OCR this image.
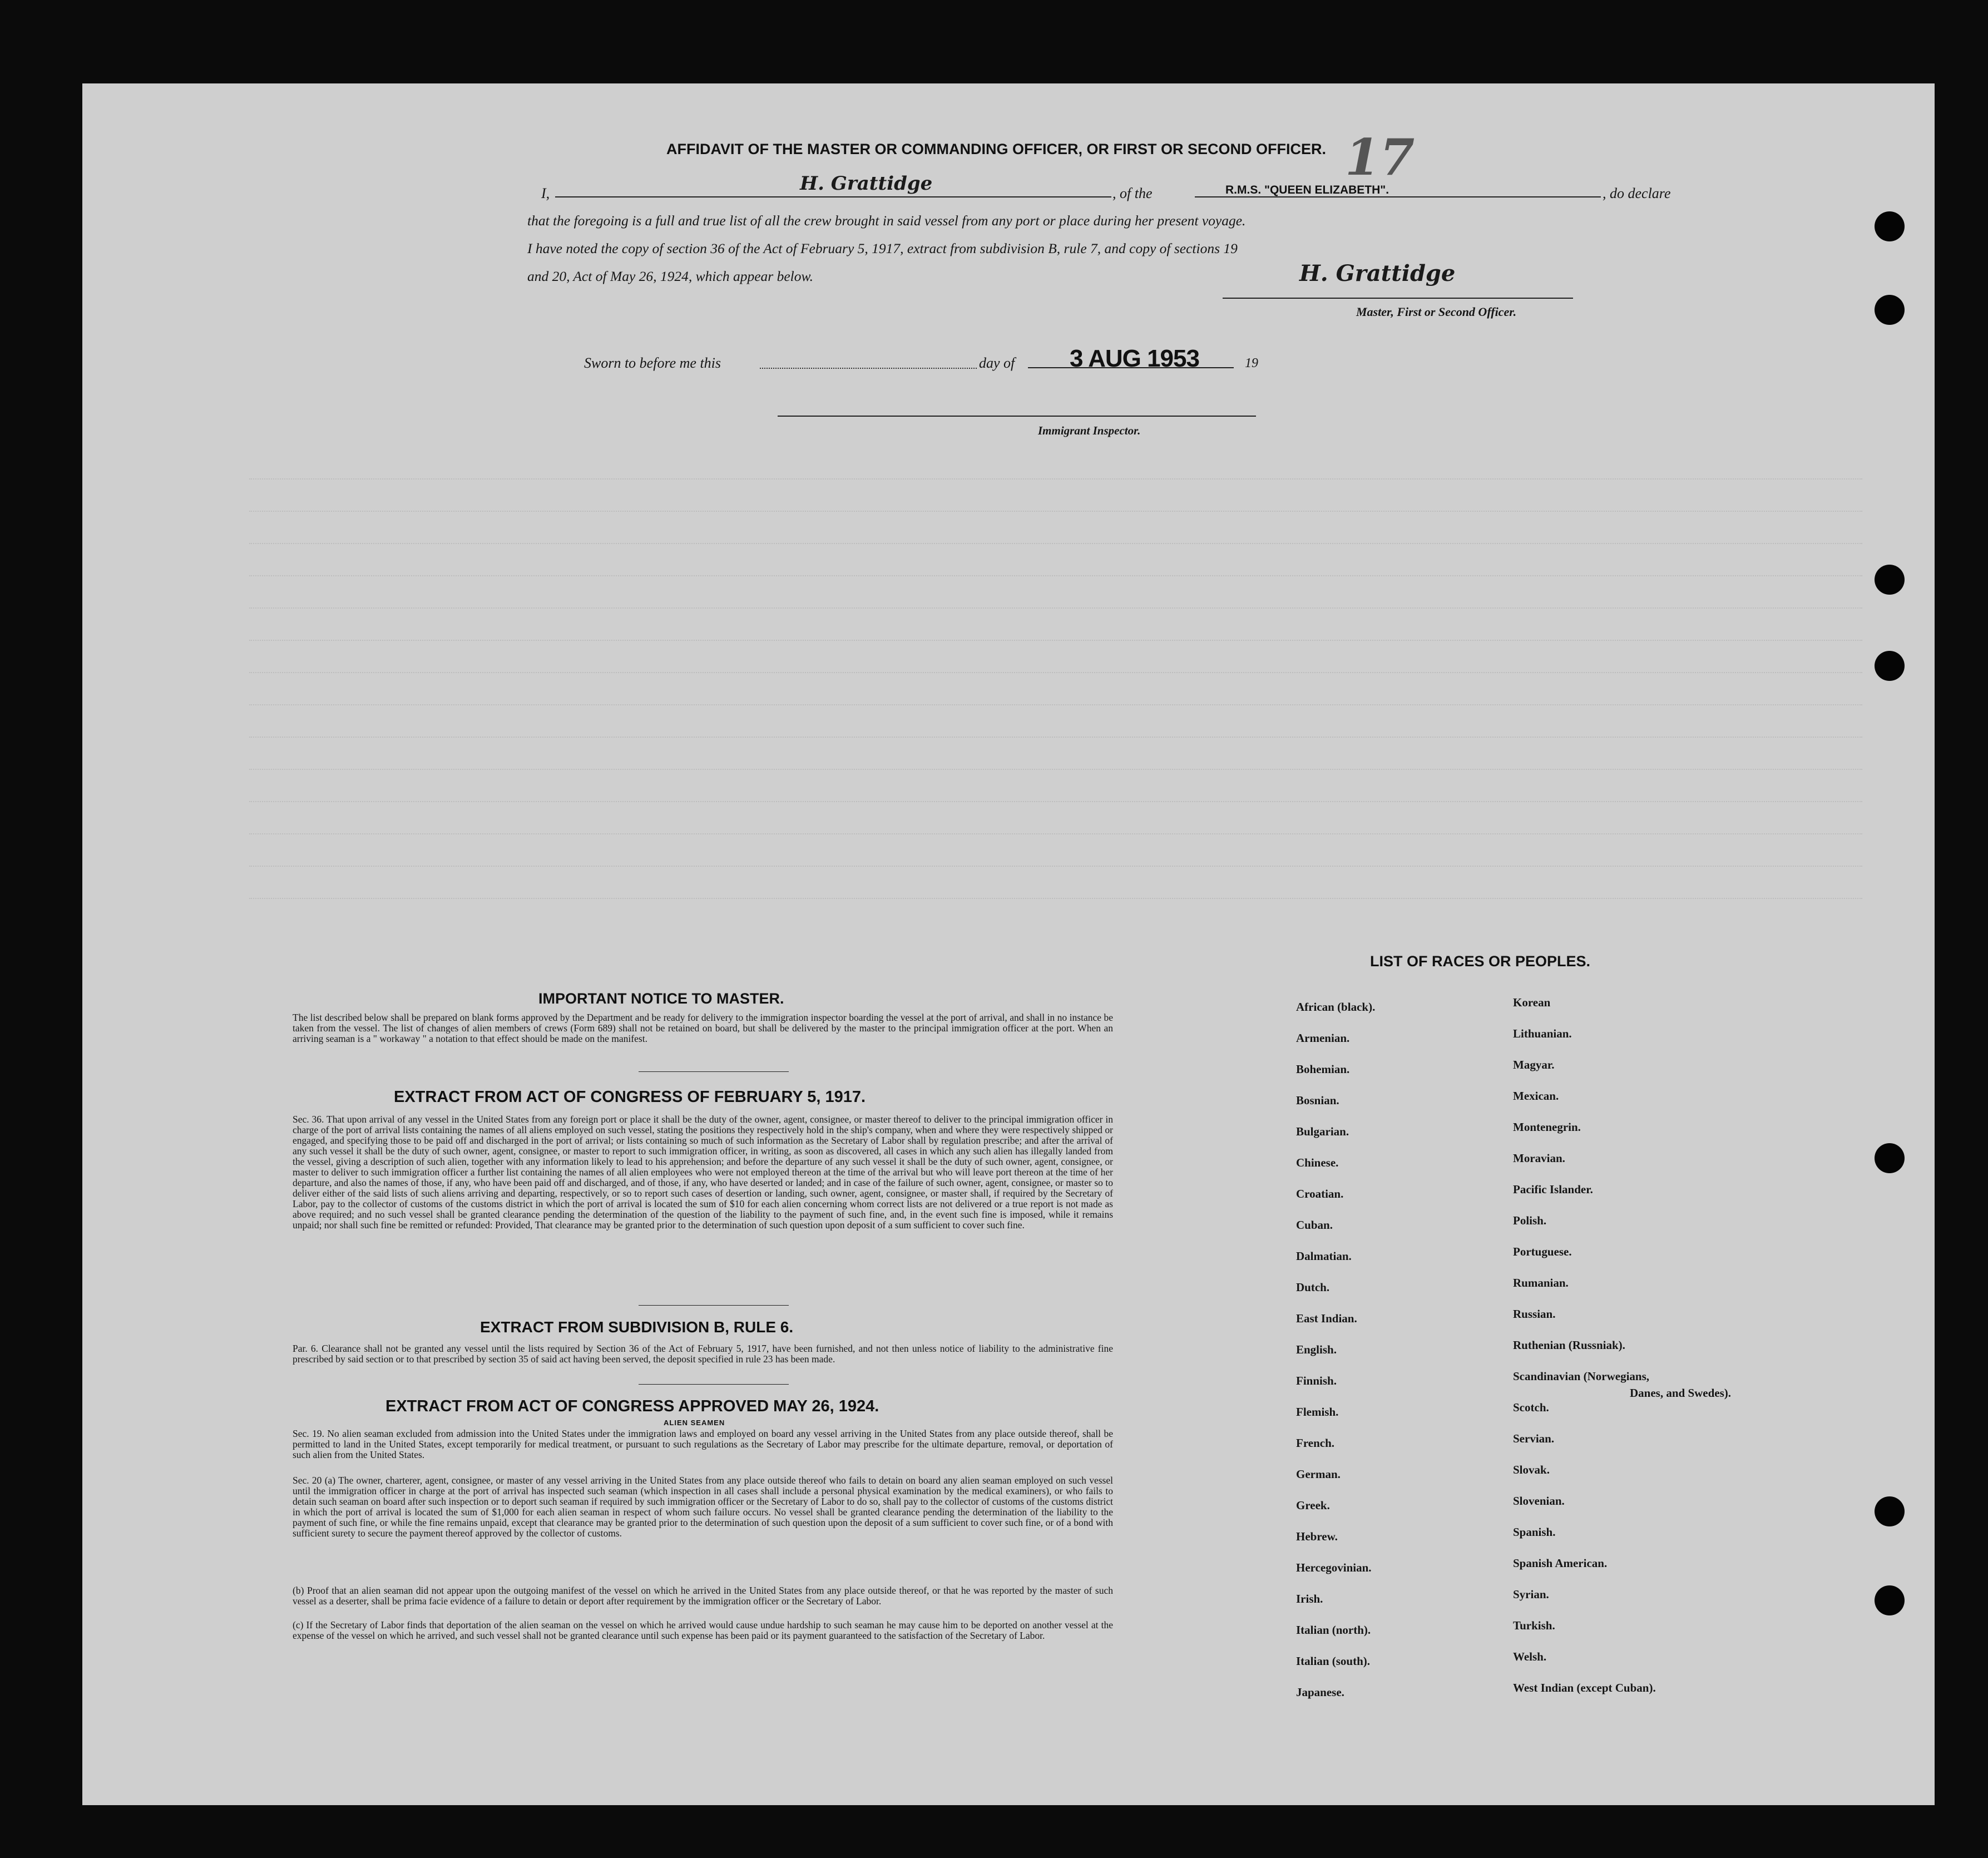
17
AFFIDAVIT OF THE MASTER OR COMMANDING OFFICER, OR FIRST OR SECOND OFFICER.
I,	H. Grattidge	, of the	R.M.S. "QUEEN ELIZABETH".	, do declare
that the foregoing is a full and true list of all the crew brought in said vessel from any port or place during her present voyage.
I have noted the copy of section 36 of the Act of February 5, 1917, extract from subdivision B, rule 7, and copy of sections 19
and 20, Act of May 26, 1924, which appear below.	H. Grattidge
Master, First or Second Officer.
Sworn to before me this	day of 3 AUG 1953	19
Immigrant Inspector.
IMPORTANT NOTICE TO MASTER.
The list described below shall be prepared on blank forms approved by the Department and be ready for delivery to the immigration inspector boarding the vessel at the port of arrival, and shall in no instance be taken from the vessel. The list of changes of alien members of crews (Form 689) shall not be retained on board, but shall be delivered by the master to the principal immigration officer at the port. When an arriving seaman is a " workaway " a notation to that effect should be made on the manifest.
EXTRACT FROM ACT OF CONGRESS OF FEBRUARY 5, 1917.
Sec. 36. That upon arrival of any vessel in the United States from any foreign port or place it shall be the duty of the owner, agent, consignee, or master thereof to deliver to the principal immigration officer in charge of the port of arrival lists containing the names of all aliens employed on such vessel, stating the positions they respectively hold in the ship's company, when and where they were respectively shipped or engaged, and specifying those to be paid off and discharged in the port of arrival; or lists containing so much of such information as the Secretary of Labor shall by regulation prescribe; and after the arrival of any such vessel it shall be the duty of such owner, agent, consignee, or master to report to such immigration officer, in writing, as soon as discovered, all cases in which any such alien has illegally landed from the vessel, giving a description of such alien, together with any information likely to lead to his apprehension; and before the departure of any such vessel it shall be the duty of such owner, agent, consignee, or master to deliver to such immigration officer a further list containing the names of all alien employees who were not employed thereon at the time of the arrival but who will leave port thereon at the time of her departure, and also the names of those, if any, who have been paid off and discharged, and of those, if any, who have deserted or landed; and in case of the failure of such owner, agent, consignee, or master so to deliver either of the said lists of such aliens arriving and departing, respectively, or so to report such cases of desertion or landing, such owner, agent, consignee, or master shall, if required by the Secretary of Labor, pay to the collector of customs of the customs district in which the port of arrival is located the sum of $10 for each alien concerning whom correct lists are not delivered or a true report is not made as above required; and no such vessel shall be granted clearance pending the determination of the question of the liability to the payment of such fine, and, in the event such fine is imposed, while it remains unpaid; nor shall such fine be remitted or refunded: Provided, That clearance may be granted prior to the determination of such question upon deposit of a sum sufficient to cover such fine.
EXTRACT FROM SUBDIVISION B, RULE 6.
Par. 6. Clearance shall not be granted any vessel until the lists required by Section 36 of the Act of February 5, 1917, have been furnished, and not then unless notice of liability to the administrative fine prescribed by said section or to that prescribed by section 35 of said act having been served, the deposit specified in rule 23 has been made.
EXTRACT FROM ACT OF CONGRESS APPROVED MAY 26, 1924.
ALIEN SEAMEN
Sec. 19. No alien seaman excluded from admission into the United States under the immigration laws and employed on board any vessel arriving in the United States from any place outside thereof, shall be permitted to land in the United States, except temporarily for medical treatment, or pursuant to such regulations as the Secretary of Labor may prescribe for the ultimate departure, removal, or deportation of such alien from the United States.
Sec. 20 (a) The owner, charterer, agent, consignee, or master of any vessel arriving in the United States from any place outside thereof who fails to detain on board any alien seaman employed on such vessel until the immigration officer in charge at the port of arrival has inspected such seaman (which inspection in all cases shall include a personal physical examination by the medical examiners), or who fails to detain such seaman on board after such inspection or to deport such seaman if required by such immigration officer or the Secretary of Labor to do so, shall pay to the collector of customs of the customs district in which the port of arrival is located the sum of $1,000 for each alien seaman in respect of whom such failure occurs. No vessel shall be granted clearance pending the determination of the liability to the payment of such fine, or while the fine remains unpaid, except that clearance may be granted prior to the determination of such question upon the deposit of a sum sufficient to cover such fine, or of a bond with sufficient surety to secure the payment thereof approved by the collector of customs.
(b) Proof that an alien seaman did not appear upon the outgoing manifest of the vessel on which he arrived in the United States from any place outside thereof, or that he was reported by the master of such vessel as a deserter, shall be prima facie evidence of a failure to detain or deport after requirement by the immigration officer or the Secretary of Labor.
(c) If the Secretary of Labor finds that deportation of the alien seaman on the vessel on which he arrived would cause undue hardship to such seaman he may cause him to be deported on another vessel at the expense of the vessel on which he arrived, and such vessel shall not be granted clearance until such expense has been paid or its payment guaranteed to the satisfaction of the Secretary of Labor.
LIST OF RACES OR PEOPLES.
African (black).
Armenian.
Bohemian.
Bosnian.
Bulgarian.
Chinese.
Croatian.
Cuban.
Dalmatian.
Dutch.
East Indian.
English.
Finnish.
Flemish.
French.
German.
Greek.
Hebrew.
Hercegovinian.
Irish.
Italian (north).
Italian (south).
Japanese.
Korean
Lithuanian.
Magyar.
Mexican.
Montenegrin.
Moravian.
Pacific Islander.
Polish.
Portuguese.
Rumanian.
Russian.
Ruthenian (Russniak).
Scandinavian (Norwegians,
Scotch.
Servian.
Slovak.
Slovenian.
Spanish.
Spanish American.
Syrian.
Turkish.
Welsh.
West Indian (except Cuban).
Danes, and Swedes).
